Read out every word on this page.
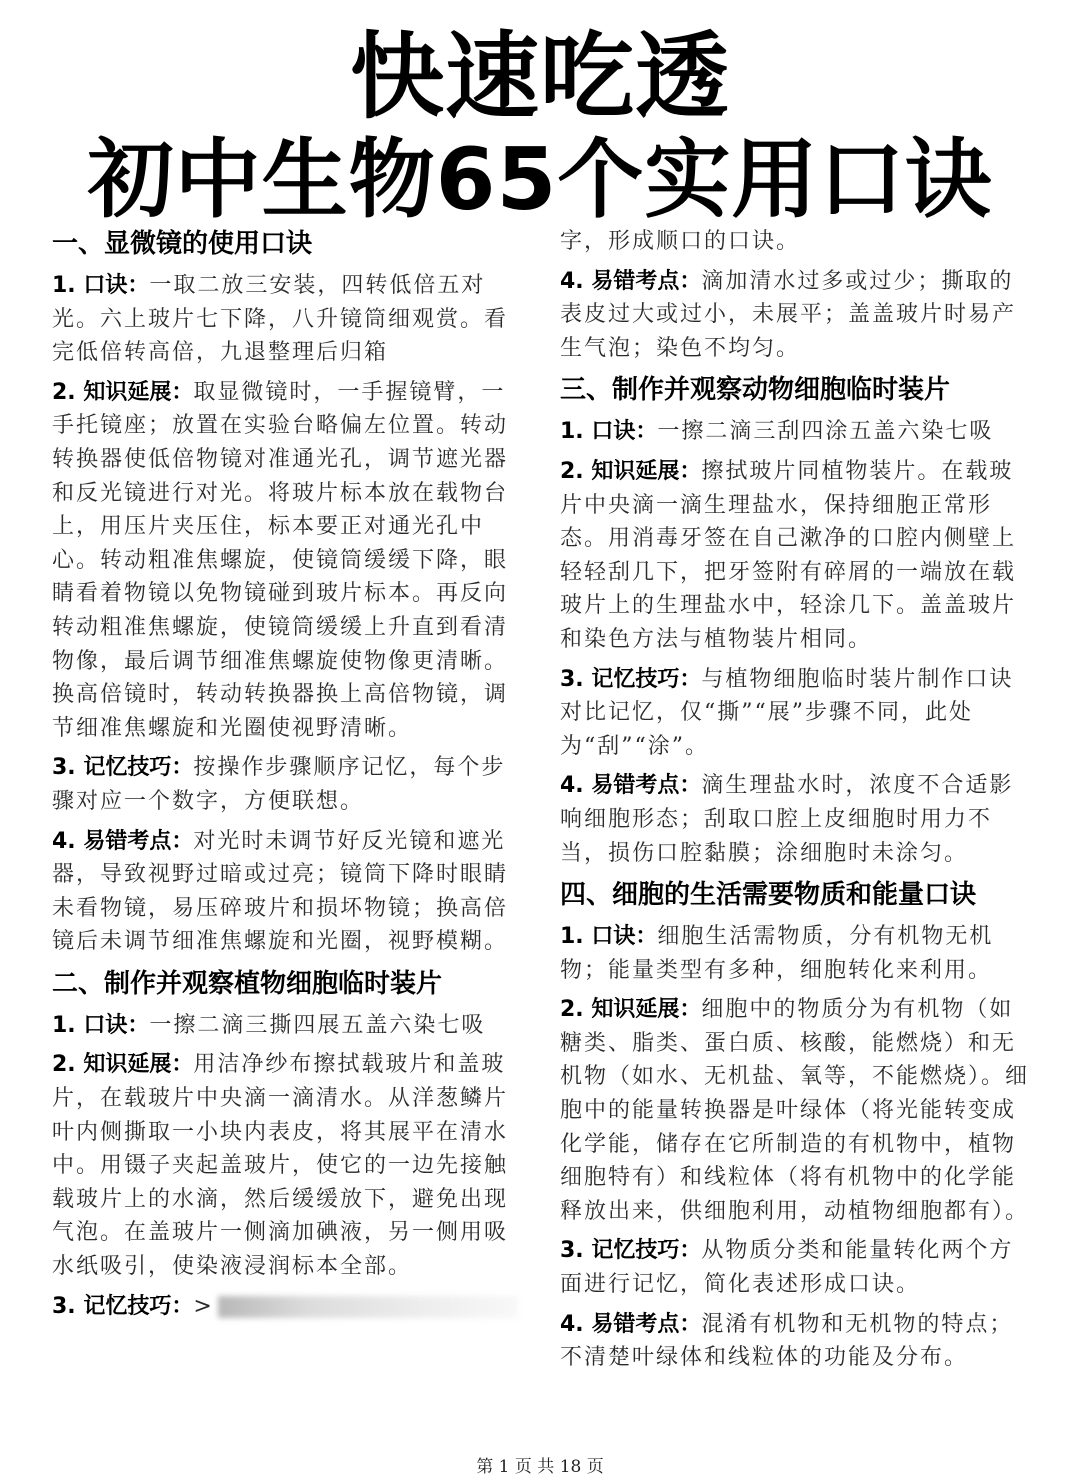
快速吃透
初中生物65个实用口诀
一、显微镜的使用口诀

1. 口诀：一取二放三安装，四转低倍五对光。六上玻片七下降，八升镜筒细观赏。看完低倍转高倍，九退整理后归箱

2. 知识延展：取显微镜时，一手握镜臂，一手托镜座；放置在实验台略偏左位置。转动转换器使低倍物镜对准通光孔，调节遮光器和反光镜进行对光。将玻片标本放在载物台上，用压片夹压住，标本要正对通光孔中心。转动粗准焦螺旋，使镜筒缓缓下降，眼睛看着物镜以免物镜碰到玻片标本。再反向转动粗准焦螺旋，使镜筒缓缓上升直到看清物像，最后调节细准焦螺旋使物像更清晰。换高倍镜时，转动转换器换上高倍物镜，调节细准焦螺旋和光圈使视野清晰。

3. 记忆技巧：按操作步骤顺序记忆，每个步骤对应一个数字，方便联想。

4. 易错考点：对光时未调节好反光镜和遮光器，导致视野过暗或过亮；镜筒下降时眼睛未看物镜，易压碎玻片和损坏物镜；换高倍镜后未调节细准焦螺旋和光圈，视野模糊。

二、制作并观察植物细胞临时装片

1. 口诀：一擦二滴三撕四展五盖六染七吸

2. 知识延展：用洁净纱布擦拭载玻片和盖玻片，在载玻片中央滴一滴清水。从洋葱鳞片叶内侧撕取一小块内表皮，将其展平在清水中。用镊子夹起盖玻片，使它的一边先接触载玻片上的水滴，然后缓缓放下，避免出现气泡。在盖玻片一侧滴加碘液，另一侧用吸水纸吸引，使染液浸润标本全部。

3. 记忆技巧：>

字，形成顺口的口诀。

4. 易错考点：滴加清水过多或过少；撕取的表皮过大或过小，未展平；盖盖玻片时易产生气泡；染色不均匀。

三、制作并观察动物细胞临时装片

1. 口诀：一擦二滴三刮四涂五盖六染七吸

2. 知识延展：擦拭玻片同植物装片。在载玻片中央滴一滴生理盐水，保持细胞正常形态。用消毒牙签在自己漱净的口腔内侧壁上轻轻刮几下，把牙签附有碎屑的一端放在载玻片上的生理盐水中，轻涂几下。盖盖玻片和染色方法与植物装片相同。

3. 记忆技巧：与植物细胞临时装片制作口诀对比记忆，仅“撕”“展”步骤不同，此处为“刮”“涂”。

4. 易错考点：滴生理盐水时，浓度不合适影响细胞形态；刮取口腔上皮细胞时用力不当，损伤口腔黏膜；涂细胞时未涂匀。

四、细胞的生活需要物质和能量口诀

1. 口诀：细胞生活需物质，分有机物无机物；能量类型有多种，细胞转化来利用。

2. 知识延展：细胞中的物质分为有机物（如糖类、脂类、蛋白质、核酸，能燃烧）和无机物（如水、无机盐、氧等，不能燃烧）。细胞中的能量转换器是叶绿体（将光能转变成化学能，储存在它所制造的有机物中，植物细胞特有）和线粒体（将有机物中的化学能释放出来，供细胞利用，动植物细胞都有）。

3. 记忆技巧：从物质分类和能量转化两个方面进行记忆，简化表述形成口诀。

4. 易错考点：混淆有机物和无机物的特点；不清楚叶绿体和线粒体的功能及分布。

第 1 页 共 18 页
